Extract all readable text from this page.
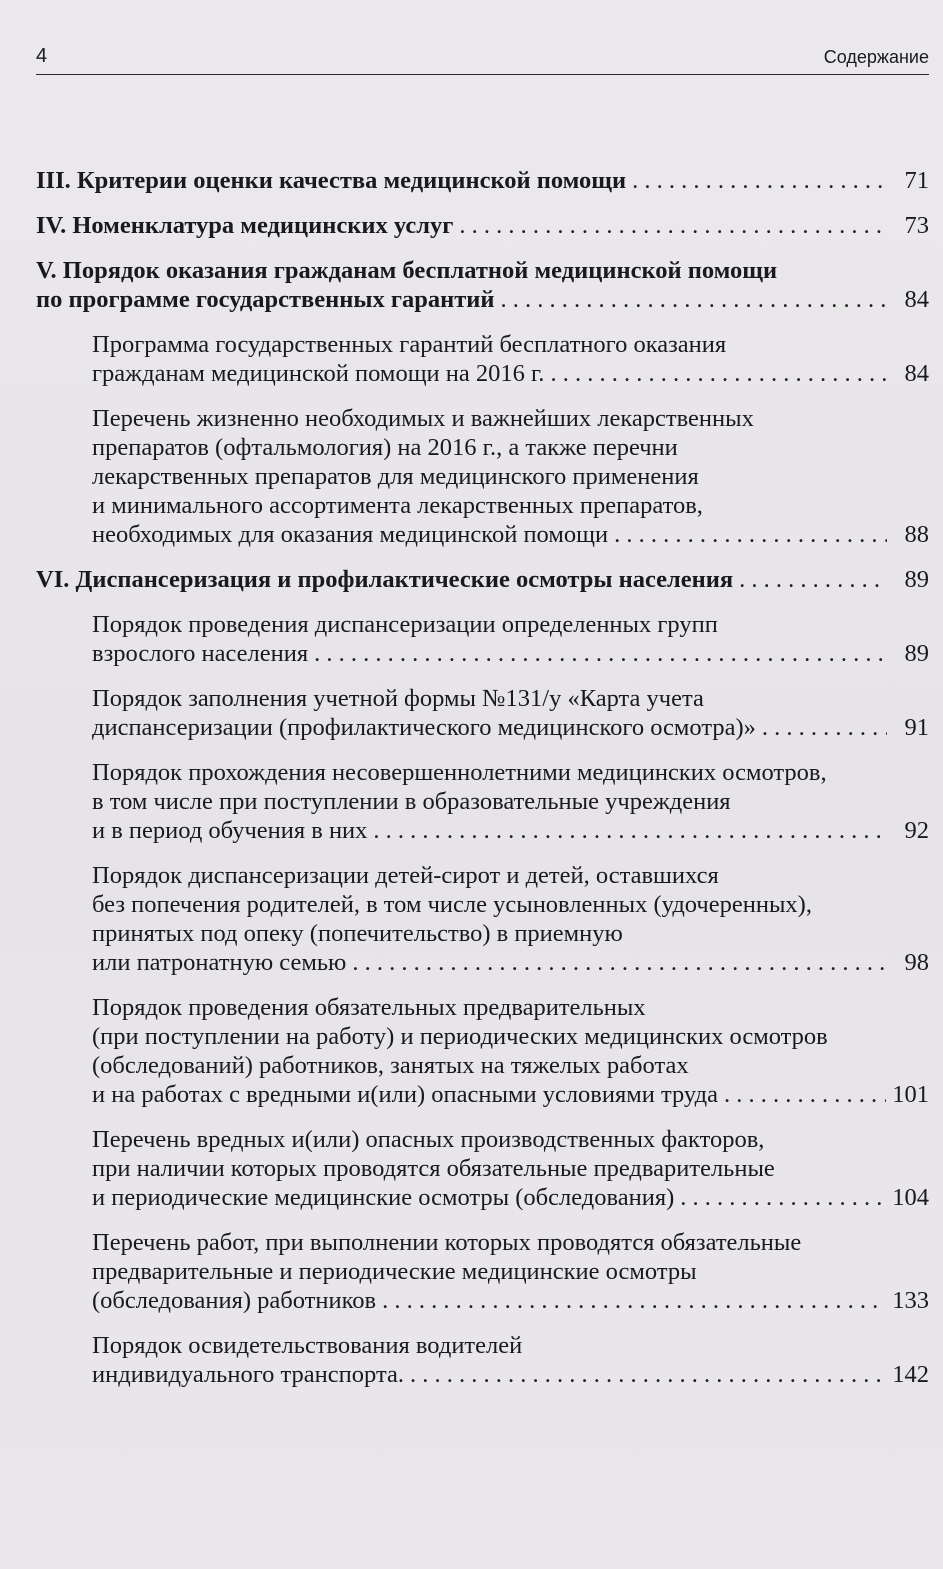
4	Содержание
III. Критерии оценки качества медицинской помощи . . .	71
IV. Номенклатура медицинских услуг . . .	73
V. Порядок оказания гражданам бесплатной медицинской помощи
по программе государственных гарантий . . .	84
Программа государственных гарантий бесплатного оказания
гражданам медицинской помощи на 2016 г. . . .	84
Перечень жизненно необходимых и важнейших лекарственных
препаратов (офтальмология) на 2016 г., а также перечни
лекарственных препаратов для медицинского применения
и минимального ассортимента лекарственных препаратов,
необходимых для оказания медицинской помощи . . .	88
VI. Диспансеризация и профилактические осмотры населения . . .	89
Порядок проведения диспансеризации определенных групп
взрослого населения . . .	89
Порядок заполнения учетной формы №131/у «Карта учета
диспансеризации (профилактического медицинского осмотра)» . . .	91
Порядок прохождения несовершеннолетними медицинских осмотров,
в том числе при поступлении в образовательные учреждения
и в период обучения в них . . .	92
Порядок диспансеризации детей-сирот и детей, оставшихся
без попечения родителей, в том числе усыновленных (удочеренных),
принятых под опеку (попечительство) в приемную
или патронатную семью . . .	98
Порядок проведения обязательных предварительных
(при поступлении на работу) и периодических медицинских осмотров
(обследований) работников, занятых на тяжелых работах
и на работах с вредными и(или) опасными условиями труда . . .	101
Перечень вредных и(или) опасных производственных факторов,
при наличии которых проводятся обязательные предварительные
и периодические медицинские осмотры (обследования) . . .	104
Перечень работ, при выполнении которых проводятся обязательные
предварительные и периодические медицинские осмотры
(обследования) работников . . .	133
Порядок освидетельствования водителей
индивидуального транспорта. . . .	142
